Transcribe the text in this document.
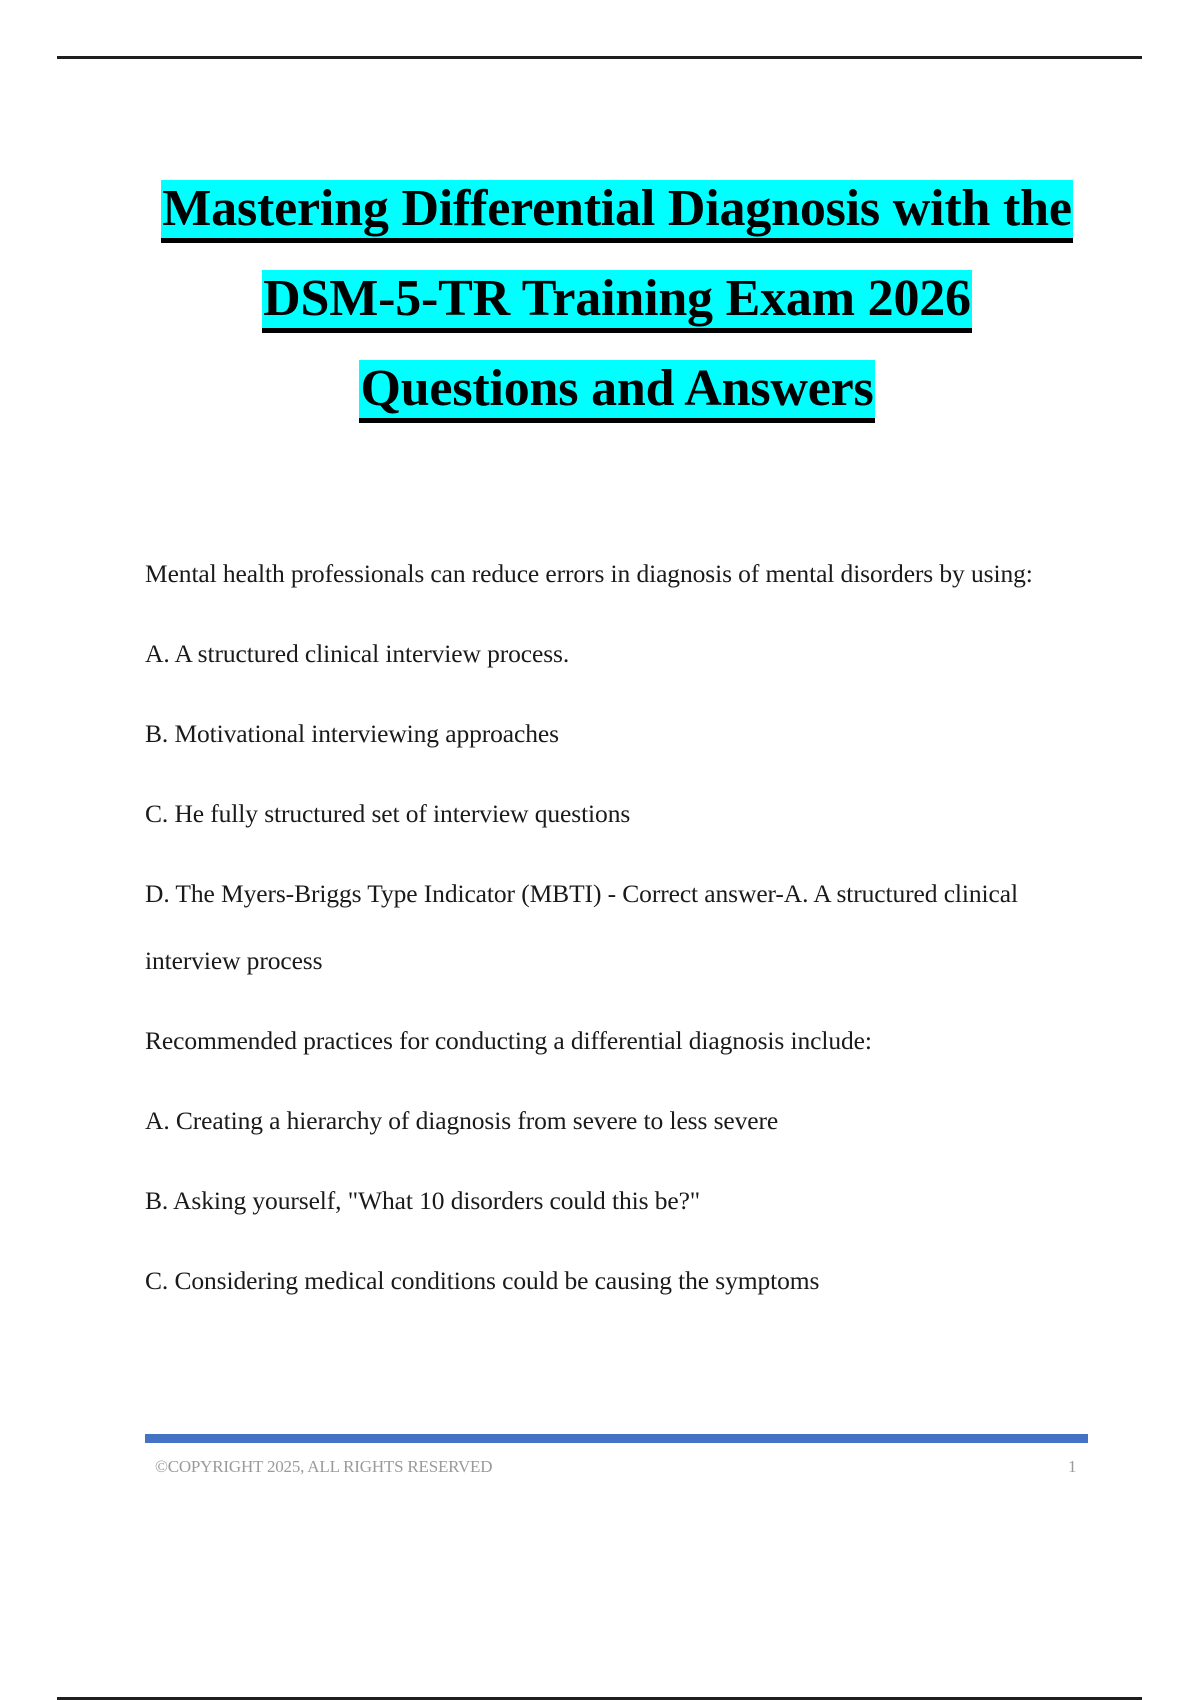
Mastering Differential Diagnosis with the
DSM-5-TR Training Exam 2026
Questions and Answers

Mental health professionals can reduce errors in diagnosis of mental disorders by using:

A. A structured clinical interview process.

B. Motivational interviewing approaches

C. He fully structured set of interview questions

D. The Myers-Briggs Type Indicator (MBTI) - Correct answer-A. A structured clinical interview process

Recommended practices for conducting a differential diagnosis include:

A. Creating a hierarchy of diagnosis from severe to less severe

B. Asking yourself, "What 10 disorders could this be?"

C. Considering medical conditions could be causing the symptoms

©COPYRIGHT 2025, ALL RIGHTS RESERVED	1
